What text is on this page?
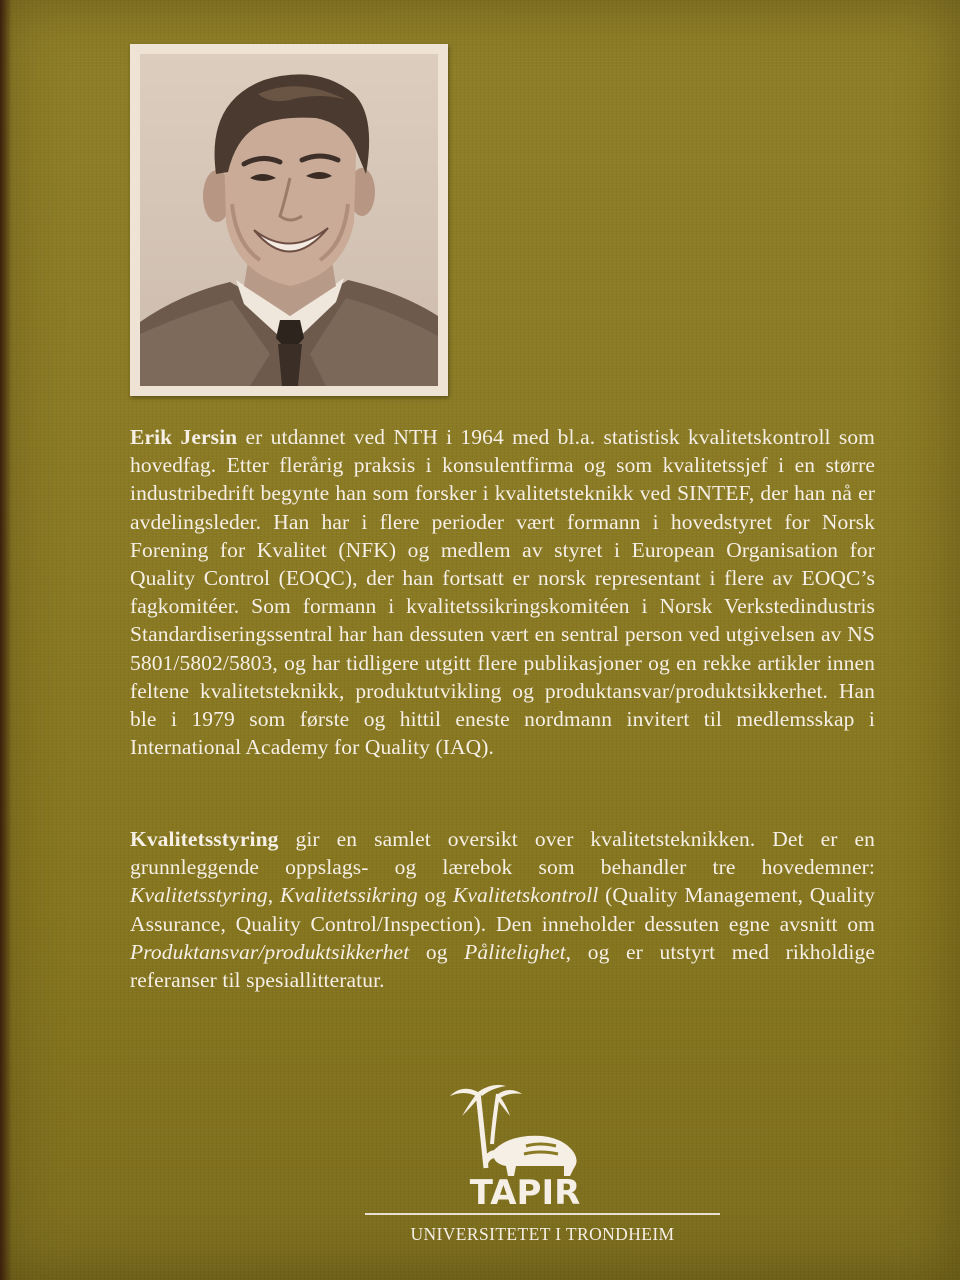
Erik Jersin er utdannet ved NTH i 1964 med bl.a. statistisk kvalitetskontroll som hovedfag. Etter flerårig praksis i konsulentfirma og som kvalitetssjef i en større industribedrift begynte han som forsker i kvalitetsteknikk ved SINTEF, der han nå er avdelingsleder. Han har i flere perioder vært formann i hovedstyret for Norsk Forening for Kvalitet (NFK) og medlem av styret i European Organisation for Quality Control (EOQC), der han fortsatt er norsk representant i flere av EOQC’s fagkomitéer. Som formann i kvalitetssikringskomitéen i Norsk Verkstedindustris Standardiseringssentral har han dessuten vært en sentral person ved utgivelsen av NS 5801/5802/5803, og har tidligere utgitt flere publikasjoner og en rekke artikler innen feltene kvalitetsteknikk, produktutvikling og produktansvar/produktsikkerhet. Han ble i 1979 som første og hittil eneste nordmann invitert til medlemsskap i International Academy for Quality (IAQ).
Kvalitetsstyring gir en samlet oversikt over kvalitetsteknikken. Det er en grunnleggende oppslags- og lærebok som behandler tre hovedemner: Kvalitetsstyring, Kvalitetssikring og Kvalitetskontroll (Quality Management, Quality Assurance, Quality Control/Inspection). Den inneholder dessuten egne avsnitt om Produktansvar/produktsikkerhet og Pålitelighet, og er utstyrt med rikholdige referanser til spesiallitteratur.
TAPIR
UNIVERSITETET I TRONDHEIM
